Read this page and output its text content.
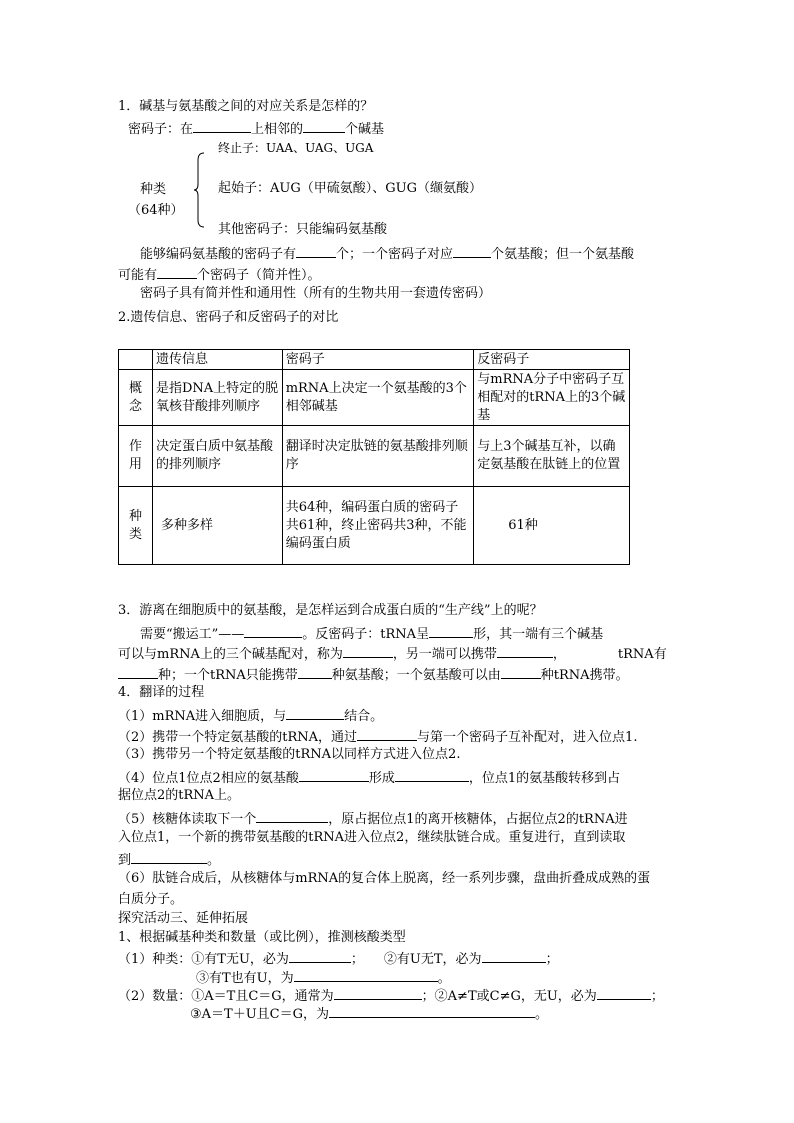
1．碱基与氨基酸之间的对应关系是怎样的？
密码子：在	上相邻的	个碱基
终止子：UAA、UAG、UGA
种类
（64种）
起始子：AUG（甲硫氨酸）、GUG（缬氨酸）
其他密码子：只能编码氨基酸
能够编码氨基酸的密码子有	个；一个密码子对应	个氨基酸；但一个氨基酸
可能有	个密码子（简并性）。
密码子具有简并性和通用性（所有的生物共用一套遗传密码）
2.遗传信息、密码子和反密码子的对比
	遗传信息	密码子	反密码子
概
念	是指DNA上特定的脱氧核苷酸排列顺序	mRNA上决定一个氨基酸的3个相邻碱基	与mRNA分子中密码子互相配对的tRNA上的3个碱基
作
用	决定蛋白质中氨基酸的排列顺序	翻译时决定肽链的氨基酸排列顺序	与上3个碱基互补，以确定氨基酸在肽链上的位置
种
类	多种多样	共64种，编码蛋白质的密码子共61种，终止密码共3种，不能编码蛋白质	61种
3．游离在细胞质中的氨基酸，是怎样运到合成蛋白质的“生产线”上的呢？
需要“搬运工”——	。反密码子：tRNA呈	形，其一端有三个碱基
可以与mRNA上的三个碱基配对，称为	，另一端可以携带	，	tRNA有
种；一个tRNA只能携带	种氨基酸；一个氨基酸可以由	种tRNA携带。
4．翻译的过程
（1）mRNA进入细胞质，与	结合。
（2）携带一个特定氨基酸的tRNA，通过	与第一个密码子互补配对，进入位点1.
（3）携带另一个特定氨基酸的tRNA以同样方式进入位点2.
（4）位点1位点2相应的氨基酸	形成	，位点1的氨基酸转移到占
据位点2的tRNA上。
（5）核糖体读取下一个	，原占据位点1的离开核糖体，占据位点2的tRNA进
入位点1，一个新的携带氨基酸的tRNA进入位点2，继续肽链合成。重复进行，直到读取
到	。
（6）肽链合成后，从核糖体与mRNA的复合体上脱离，经一系列步骤，盘曲折叠成成熟的蛋
白质分子。
探究活动三、延伸拓展
1、根据碱基种类和数量（或比例），推测核酸类型
（1）种类：①有T无U，必为	； ②有U无T，必为	；
③有T也有U，为	。
（2）数量：①A＝T且C＝G，通常为	；②A≠T或C≠G，无U，必为	；
③A＝T＋U且C＝G，为	。
